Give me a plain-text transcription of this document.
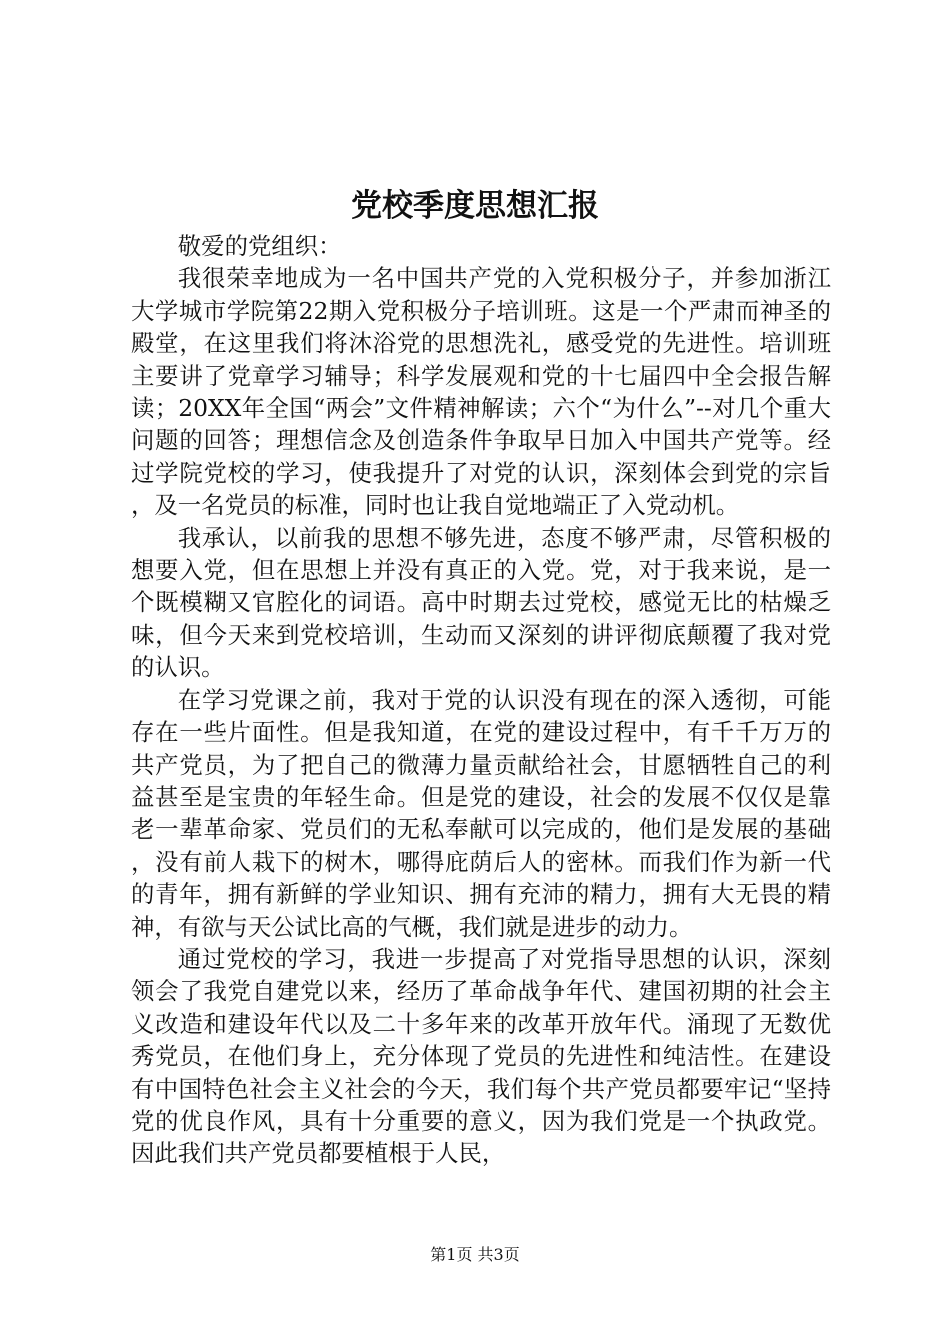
党校季度思想汇报

敬爱的党组织：

我很荣幸地成为一名中国共产党的入党积极分子，并参加浙江大学城市学院第22期入党积极分子培训班。这是一个严肃而神圣的殿堂，在这里我们将沐浴党的思想洗礼，感受党的先进性。培训班主要讲了党章学习辅导；科学发展观和党的十七届四中全会报告解读；20XX年全国“两会”文件精神解读；六个“为什么”--对几个重大问题的回答；理想信念及创造条件争取早日加入中国共产党等。经过学院党校的学习，使我提升了对党的认识，深刻体会到党的宗旨，及一名党员的标准，同时也让我自觉地端正了入党动机。

我承认，以前我的思想不够先进，态度不够严肃，尽管积极的想要入党，但在思想上并没有真正的入党。党，对于我来说，是一个既模糊又官腔化的词语。高中时期去过党校，感觉无比的枯燥乏味，但今天来到党校培训，生动而又深刻的讲评彻底颠覆了我对党的认识。

在学习党课之前，我对于党的认识没有现在的深入透彻，可能存在一些片面性。但是我知道，在党的建设过程中，有千千万万的共产党员，为了把自己的微薄力量贡献给社会，甘愿牺牲自己的利益甚至是宝贵的年轻生命。但是党的建设，社会的发展不仅仅是靠老一辈革命家、党员们的无私奉献可以完成的，他们是发展的基础，没有前人栽下的树木，哪得庇荫后人的密林。而我们作为新一代的青年，拥有新鲜的学业知识、拥有充沛的精力，拥有大无畏的精神，有欲与天公试比高的气概，我们就是进步的动力。

通过党校的学习，我进一步提高了对党指导思想的认识，深刻领会了我党自建党以来，经历了革命战争年代、建国初期的社会主义改造和建设年代以及二十多年来的改革开放年代。涌现了无数优秀党员，在他们身上，充分体现了党员的先进性和纯洁性。在建设有中国特色社会主义社会的今天，我们每个共产党员都要牢记“坚持党的优良作风，具有十分重要的意义，因为我们党是一个执政党。因此我们共产党员都要植根于人民，

第1页 共3页
